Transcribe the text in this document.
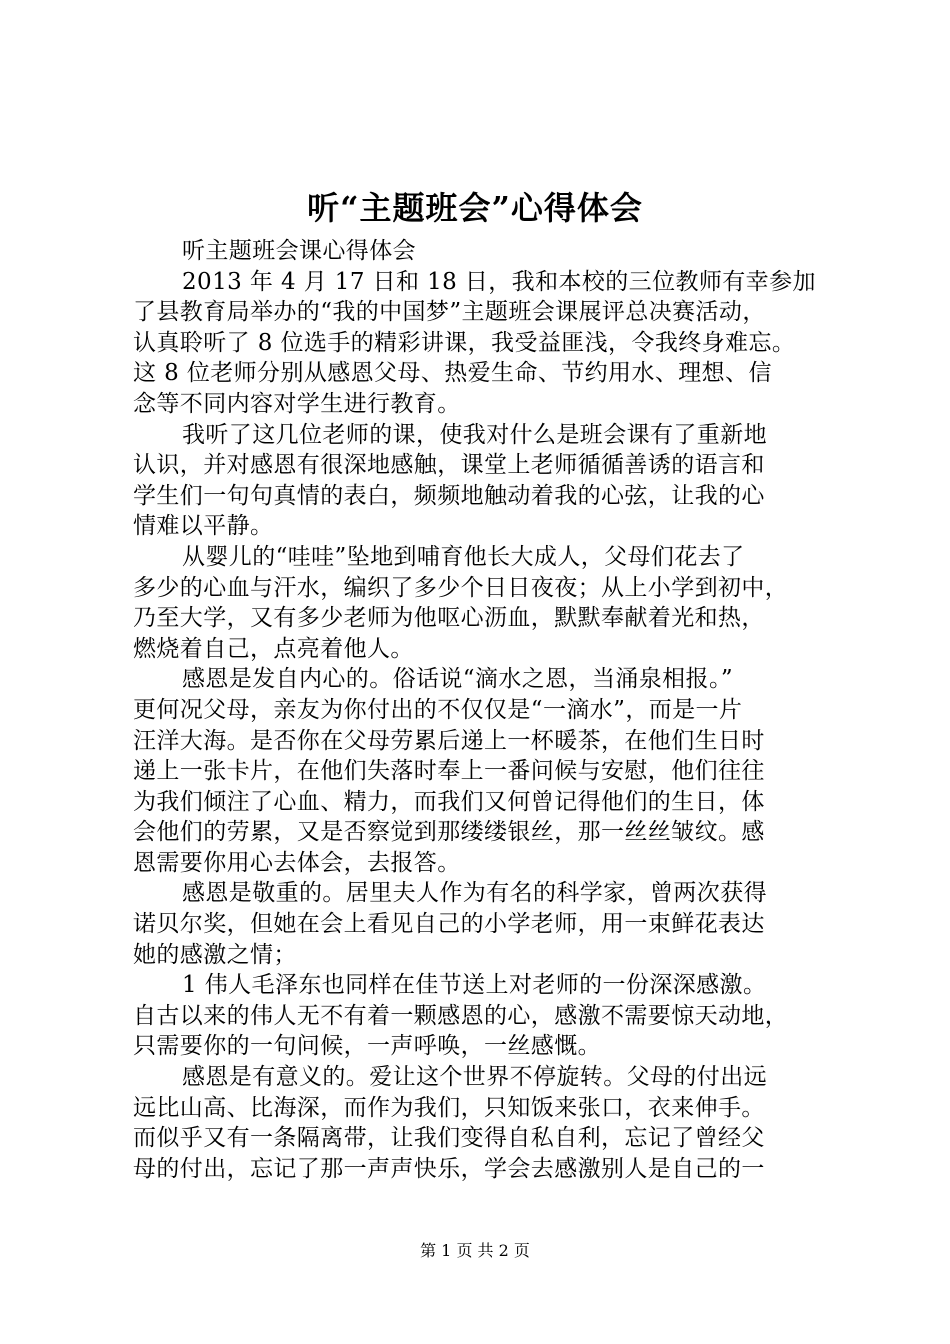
听“主题班会”心得体会

听主题班会课心得体会

2013 年 4 月 17 日和 18 日，我和本校的三位教师有幸参加

了县教育局举办的“我的中国梦”主题班会课展评总决赛活动，

认真聆听了 8 位选手的精彩讲课，我受益匪浅，令我终身难忘。

这 8 位老师分别从感恩父母、热爱生命、节约用水、理想、信

念等不同内容对学生进行教育。

我听了这几位老师的课，使我对什么是班会课有了重新地

认识，并对感恩有很深地感触，课堂上老师循循善诱的语言和

学生们一句句真情的表白，频频地触动着我的心弦，让我的心

情难以平静。

从婴儿的“哇哇”坠地到哺育他长大成人，父母们花去了

多少的心血与汗水，编织了多少个日日夜夜；从上小学到初中，

乃至大学，又有多少老师为他呕心沥血，默默奉献着光和热，

燃烧着自己，点亮着他人。

感恩是发自内心的。俗话说“滴水之恩，当涌泉相报。”

更何况父母，亲友为你付出的不仅仅是“一滴水”，而是一片

汪洋大海。是否你在父母劳累后递上一杯暖茶，在他们生日时

递上一张卡片，在他们失落时奉上一番问候与安慰，他们往往

为我们倾注了心血、精力，而我们又何曾记得他们的生日，体

会他们的劳累，又是否察觉到那缕缕银丝，那一丝丝皱纹。感

恩需要你用心去体会，去报答。

感恩是敬重的。居里夫人作为有名的科学家，曾两次获得

诺贝尔奖，但她在会上看见自己的小学老师，用一束鲜花表达

她的感激之情；

1 伟人毛泽东也同样在佳节送上对老师的一份深深感激。

自古以来的伟人无不有着一颗感恩的心，感激不需要惊天动地，

只需要你的一句问候，一声呼唤，一丝感慨。

感恩是有意义的。爱让这个世界不停旋转。父母的付出远

远比山高、比海深，而作为我们，只知饭来张口，衣来伸手。

而似乎又有一条隔离带，让我们变得自私自利，忘记了曾经父

母的付出，忘记了那一声声快乐，学会去感激别人是自己的一

第 1 页 共 2 页
